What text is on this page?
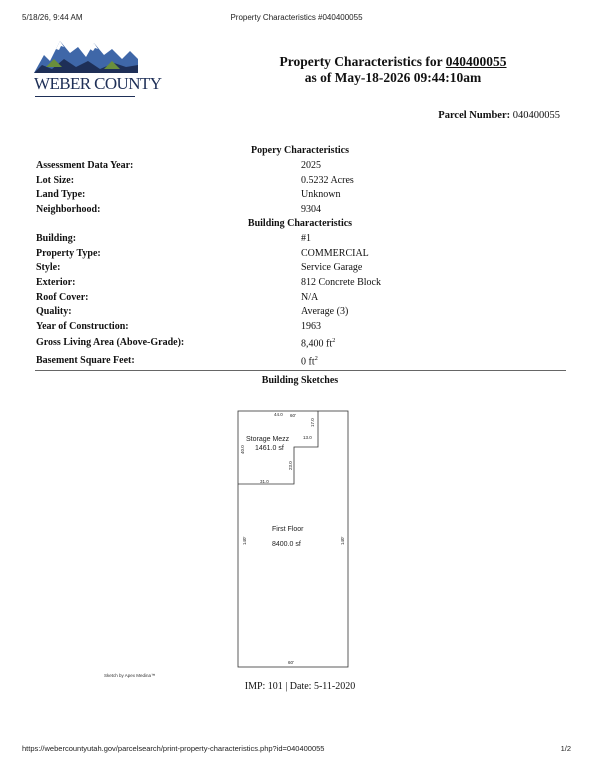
5/18/26, 9:44 AM	Property Characteristics #040400055
WEBER COUNTY
Property Characteristics for 040400055
as of May-18-2026 09:44:10am
Parcel Number: 040400055
Popery Characteristics
Assessment Data Year:	2025
Lot Size:	0.5232 Acres
Land Type:	Unknown
Neighborhood:	9304
Building Characteristics
Building:	#1
Property Type:	COMMERCIAL
Style:	Service Garage
Exterior:	812 Concrete Block
Roof Cover:	N/A
Quality:	Average (3)
Year of Construction:	1963
Gross Living Area (Above-Grade):	8,400 $ft^2$
Basement Square Feet:	0 $ft^2$
Building Sketches
44.0 60'
17.0
13.0
40.0
23.0
31.0
140'	140'
60'
Storage Mezz
1461.0 sf
First Floor
8400.0 sf
Sketch by Apex Medina™
IMP: 101 | Date: 5-11-2020
https://webercountyutah.gov/parcelsearch/print-property-characteristics.php?id=040400055	1/2
